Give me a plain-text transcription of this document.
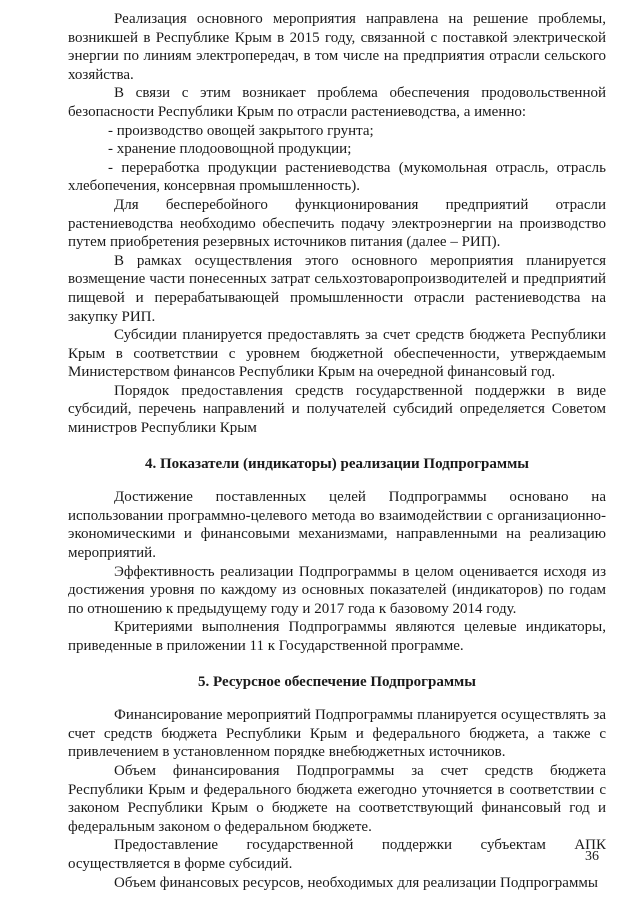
Реализация основного мероприятия направлена на решение проблемы, возникшей в Республике Крым в 2015 году, связанной с поставкой электрической энергии по линиям электропередач, в том числе на предприятия отрасли сельского хозяйства.

В связи с этим возникает проблема обеспечения продовольственной безопасности Республики Крым по отрасли растениеводства, а именно:

- производство овощей закрытого грунта;

- хранение плодоовощной продукции;

- переработка продукции растениеводства (мукомольная отрасль, отрасль хлебопечения, консервная промышленность).

Для бесперебойного функционирования предприятий отрасли растениеводства необходимо обеспечить подачу электроэнергии на производство путем приобретения резервных источников питания (далее – РИП).

В рамках осуществления этого основного мероприятия планируется возмещение части понесенных затрат сельхозтоваропроизводителей и предприятий пищевой и перерабатывающей промышленности отрасли растениеводства на закупку РИП.

Субсидии планируется предоставлять за счет средств бюджета Республики Крым в соответствии с уровнем бюджетной обеспеченности, утверждаемым Министерством финансов Республики Крым на очередной финансовый год.

Порядок предоставления средств государственной поддержки в виде субсидий, перечень направлений и получателей субсидий определяется Советом министров Республики Крым

4. Показатели (индикаторы) реализации Подпрограммы

Достижение поставленных целей Подпрограммы основано на использовании программно-целевого метода во взаимодействии с организационно-экономическими и финансовыми механизмами, направленными на реализацию мероприятий.

Эффективность реализации Подпрограммы в целом оценивается исходя из достижения уровня по каждому из основных показателей (индикаторов) по годам по отношению к предыдущему году и 2017 года к базовому 2014 году.

Критериями выполнения Подпрограммы являются целевые индикаторы, приведенные в приложении 11 к Государственной программе.

5. Ресурсное обеспечение Подпрограммы

Финансирование мероприятий Подпрограммы планируется осуществлять за счет средств бюджета Республики Крым и федерального бюджета, а также с привлечением в установленном порядке внебюджетных источников.

Объем финансирования Подпрограммы за счет средств бюджета Республики Крым и федерального бюджета ежегодно уточняется в соответствии с законом Республики Крым о бюджете на соответствующий финансовый год и федеральным законом о федеральном бюджете.

Предоставление государственной поддержки субъектам АПК осуществляется в форме субсидий.

Объем финансовых ресурсов, необходимых для реализации Подпрограммы

36
